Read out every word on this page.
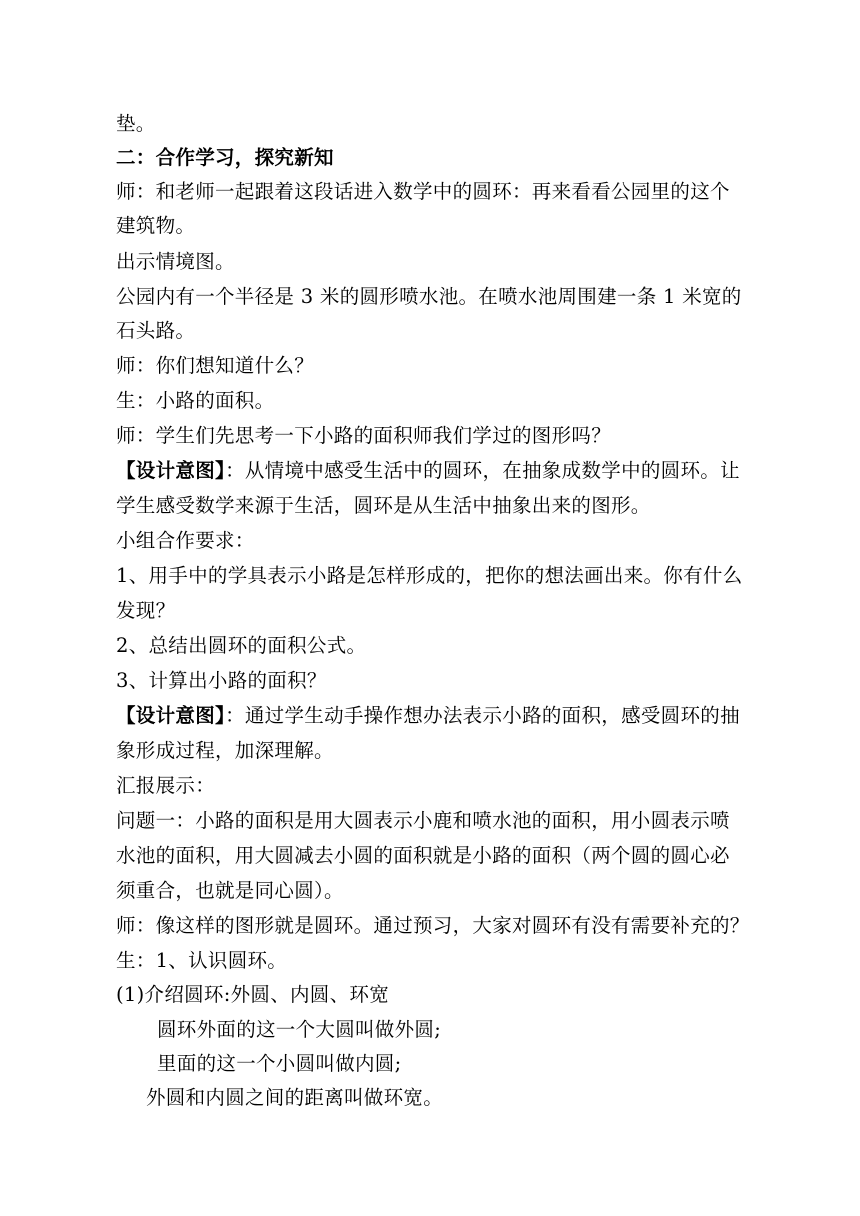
垫。
二：合作学习，探究新知
师：和老师一起跟着这段话进入数学中的圆环：再来看看公园里的这个
建筑物。
出示情境图。
公园内有一个半径是 3 米的圆形喷水池。在喷水池周围建一条 1 米宽的
石头路。
师：你们想知道什么？
生：小路的面积。
师：学生们先思考一下小路的面积师我们学过的图形吗？
【设计意图】：从情境中感受生活中的圆环，在抽象成数学中的圆环。让
学生感受数学来源于生活，圆环是从生活中抽象出来的图形。
小组合作要求：
1、用手中的学具表示小路是怎样形成的，把你的想法画出来。你有什么
发现？
2、总结出圆环的面积公式。
3、计算出小路的面积？
【设计意图】：通过学生动手操作想办法表示小路的面积，感受圆环的抽
象形成过程，加深理解。
汇报展示：
问题一：小路的面积是用大圆表示小鹿和喷水池的面积，用小圆表示喷
水池的面积，用大圆减去小圆的面积就是小路的面积（两个圆的圆心必
须重合，也就是同心圆）。
师：像这样的图形就是圆环。通过预习，大家对圆环有没有需要补充的？
生：1、认识圆环。
(1)介绍圆环:外圆、内圆、环宽
圆环外面的这一个大圆叫做外圆;
里面的这一个小圆叫做内圆;
外圆和内圆之间的距离叫做环宽。
